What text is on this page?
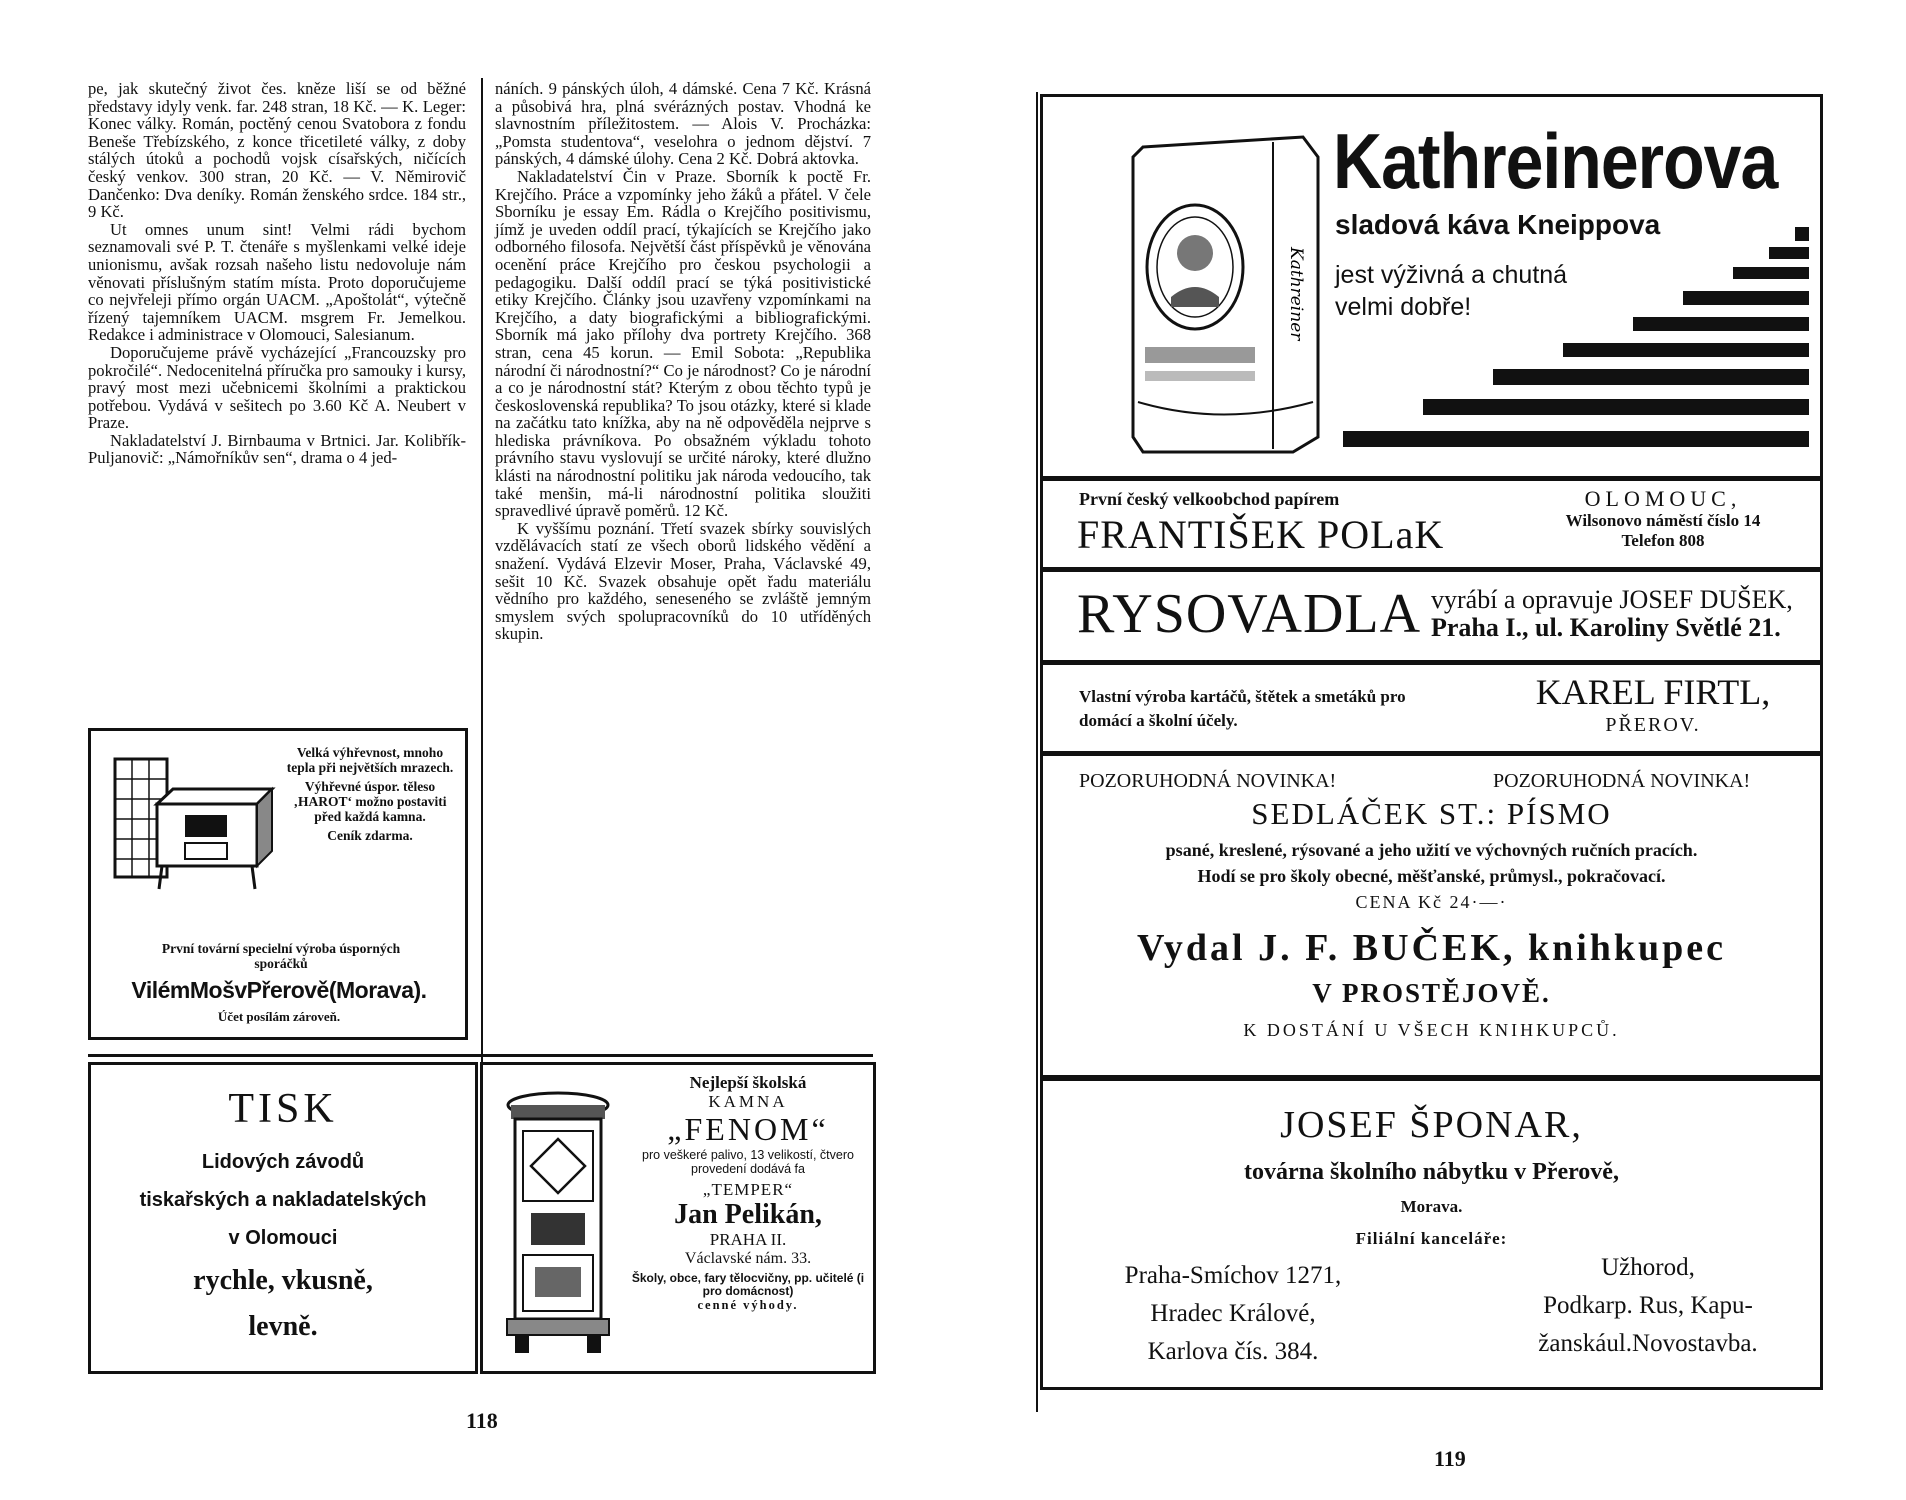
pe, jak skutečný život čes. kněze liší se od běžné představy idyly venk. far. 248 stran, 18 Kč. — K. Leger: Konec války. Román, poctěný cenou Svatobora z fondu Beneše Třebízského, z konce třicetileté války, z doby stálých útoků a pochodů vojsk císařských, ničících český venkov. 300 stran, 20 Kč. — V. Němirovič Dančenko: Dva deníky. Román ženského srdce. 184 str., 9 Kč.

Ut omnes unum sint! Velmi rádi bychom seznamovali své P. T. čtenáře s myšlenkami velké ideje unionismu, avšak rozsah našeho listu nedovoluje nám věnovati příslušným statím místa. Proto doporučujeme co nejvřeleji přímo orgán UACM. „Apoštolát“, výtečně řízený tajemníkem UACM. msgrem Fr. Jemelkou. Redakce i administrace v Olomouci, Salesianum.

Doporučujeme právě vycházející „Francouzsky pro pokročilé“. Nedocenitelná příručka pro samouky i kursy, pravý most mezi učebnicemi školními a praktickou potřebou. Vydává v sešitech po 3.60 Kč A. Neubert v Praze.

Nakladatelství J. Birnbauma v Brtnici. Jar. Kolibřík-Puljanovič: „Námořníkův sen“, drama o 4 jed-

náních. 9 pánských úloh, 4 dámské. Cena 7 Kč. Krásná a působivá hra, plná svérázných postav. Vhodná ke slavnostním příležitostem. — Alois V. Procházka: „Pomsta studentova“, veselohra o jednom dějství. 7 pánských, 4 dámské úlohy. Cena 2 Kč. Dobrá aktovka.

Nakladatelství Čin v Praze. Sborník k poctě Fr. Krejčího. Práce a vzpomínky jeho žáků a přátel. V čele Sborníku je essay Em. Rádla o Krejčího positivismu, jímž je uveden oddíl prací, týkajících se Krejčího jako odborného filosofa. Největší část příspěvků je věnována ocenění práce Krejčího pro českou psychologii a pedagogiku. Další oddíl prací se týká positivistické etiky Krejčího. Články jsou uzavřeny vzpomínkami na Krejčího, a daty biografickými a bibliografickými. Sborník má jako přílohy dva portrety Krejčího. 368 stran, cena 45 korun. — Emil Sobota: „Republika národní či národnostní?“ Co je národnost? Co je národní a co je národnostní stát? Kterým z obou těchto typů je československá republika? To jsou otázky, které si klade na začátku tato knížka, aby na ně odpověděla nejprve s hlediska právníkova. Po obsažném výkladu tohoto právního stavu vyslovují se určité nároky, které dlužno klásti na národnostní politiku jak národa vedoucího, tak také menšin, má-li národnostní politika sloužiti spravedlivé úpravě poměrů. 12 Kč.

K vyššímu poznání. Třetí svazek sbírky souvislých vzdělávacích statí ze všech oborů lidského vědění a snažení. Vydává Elzevir Moser, Praha, Václavské 49, sešit 10 Kč. Svazek obsahuje opět řadu materiálu vědního pro každého, seneseného se zvláště jemným smyslem svých spolupracovníků do 10 utříděných skupin.

Velká výhřevnost, mnoho tepla při největších mrazech.
Výhřevné úspor. těleso ‚HAROT‘ možno postaviti před každá kamna.
Ceník zdarma.
První tovární specielní výroba úsporných sporáčků
VilémMošvPřerově(Morava).
Účet posílám zároveň.
TISK
Lidových závodů
tiskařských a nakladatelských
v Olomouci
rychle, vkusně,
levně.
Nejlepší školská
KAMNA
„FENOM“
pro veškeré palivo, 13 velikostí, čtvero provedení dodává fa
„TEMPER“
Jan Pelikán,
PRAHA II.
Václavské nám. 33.
Školy, obce, fary tělocvičny, pp. učitelé (i pro domácnost)
cenné výhody.
118
Kathreiner
Kathreinerova
sladová káva Kneippova
jest výživná a chutná
velmi dobře!
První český velkoobchod papírem
FRANTIŠEK POLaK
OLOMOUC,
Wilsonovo náměstí číslo 14
Telefon 808
RYSOVADLA vyrábí a opravuje JOSEF DUŠEK,
Praha I., ul. Karoliny Světlé 21.
Vlastní výroba kartáčů, štětek a smetáků pro domácí a školní účely.
KAREL FIRTL,
PŘEROV.
POZORUHODNÁ NOVINKA!	POZORUHODNÁ NOVINKA!
SEDLÁČEK ST.: PÍSMO
psané, kreslené, rýsované a jeho užití ve výchovných ručních pracích.
Hodí se pro školy obecné, měšťanské, průmysl., pokračovací.
CENA Kč 24·—·
Vydal J. F. BUČEK, knihkupec
V PROSTĚJOVĚ.
K DOSTÁNÍ U VŠECH KNIHKUPCŮ.
JOSEF ŠPONAR,
továrna školního nábytku v Přerově,
Morava.
Filiální kanceláře:
Praha-Smíchov 1271,
Hradec Králové,
Karlova čís. 384.
Užhorod,
Podkarp. Rus, Kapu-
žanskául.Novostavba.
119
